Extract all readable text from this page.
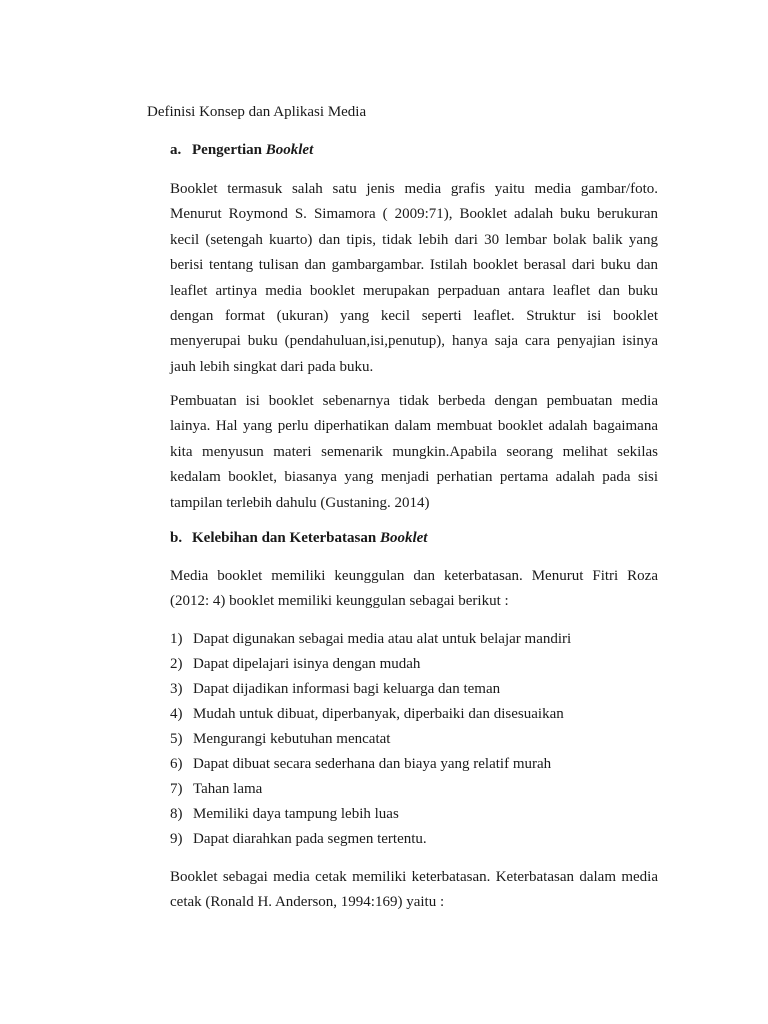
Definisi Konsep dan Aplikasi Media

a. Pengertian Booklet

Booklet termasuk salah satu jenis media grafis yaitu media gambar/foto. Menurut Roymond S. Simamora ( 2009:71), Booklet adalah buku berukuran kecil (setengah kuarto) dan tipis, tidak lebih dari 30 lembar bolak balik yang berisi tentang tulisan dan gambargambar. Istilah booklet berasal dari buku dan leaflet artinya media booklet merupakan perpaduan antara leaflet dan buku dengan format (ukuran) yang kecil seperti leaflet. Struktur isi booklet menyerupai buku (pendahuluan,isi,penutup), hanya saja cara penyajian isinya jauh lebih singkat dari pada buku.

Pembuatan isi booklet sebenarnya tidak berbeda dengan pembuatan media lainya. Hal yang perlu diperhatikan dalam membuat booklet adalah bagaimana kita menyusun materi semenarik mungkin.Apabila seorang melihat sekilas kedalam booklet, biasanya yang menjadi perhatian pertama adalah pada sisi tampilan terlebih dahulu (Gustaning. 2014)

b. Kelebihan dan Keterbatasan Booklet

Media booklet memiliki keunggulan dan keterbatasan. Menurut Fitri Roza (2012: 4) booklet memiliki keunggulan sebagai berikut :

1) Dapat digunakan sebagai media atau alat untuk belajar mandiri
2) Dapat dipelajari isinya dengan mudah
3) Dapat dijadikan informasi bagi keluarga dan teman
4) Mudah untuk dibuat, diperbanyak, diperbaiki dan disesuaikan
5) Mengurangi kebutuhan mencatat
6) Dapat dibuat secara sederhana dan biaya yang relatif murah
7) Tahan lama
8) Memiliki daya tampung lebih luas
9) Dapat diarahkan pada segmen tertentu.

Booklet sebagai media cetak memiliki keterbatasan. Keterbatasan dalam media cetak (Ronald H. Anderson, 1994:169) yaitu :
